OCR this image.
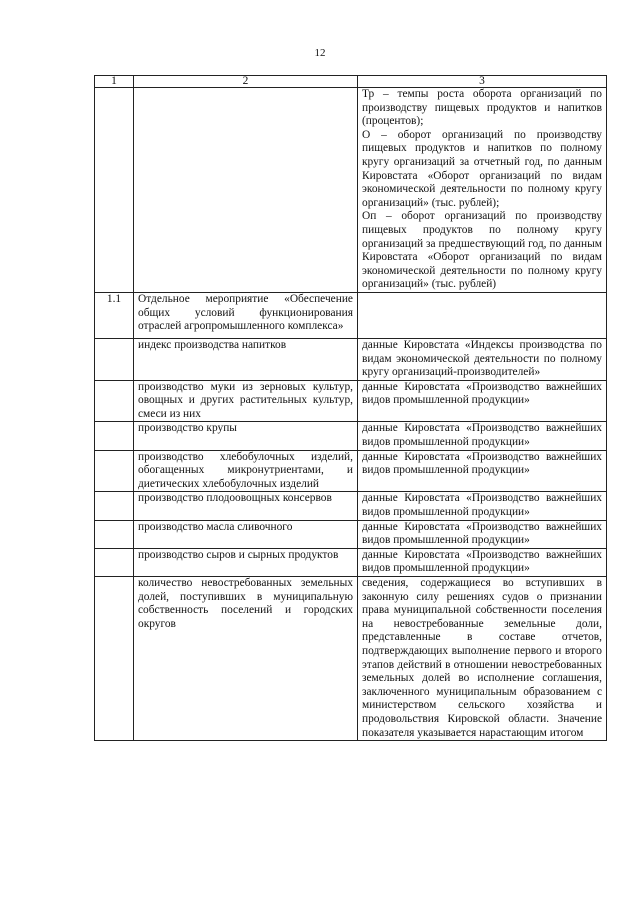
12
1	2	3
		Тр – темпы роста оборота организаций по производству пищевых продуктов и напитков (процентов);
О – оборот организаций по производству пищевых продуктов и напитков по полному кругу организаций за отчетный год, по данным Кировстата «Оборот организаций по видам экономической деятельности по полному кругу организаций» (тыс. рублей);
Оп – оборот организаций по производству пищевых продуктов по полному кругу организаций за предшествующий год, по данным Кировстата «Оборот организаций по видам экономической деятельности по полному кругу организаций» (тыс. рублей)
1.1	Отдельное мероприятие «Обеспечение общих условий функционирования отраслей агропромышленного комплекса»	
	индекс производства напитков	данные Кировстата «Индексы производства по видам экономической деятельности по полному кругу организаций-производителей»
	производство муки из зерновых культур, овощных и других растительных культур, смеси из них	данные Кировстата «Производство важнейших видов промышленной продукции»
	производство крупы	данные Кировстата «Производство важнейших видов промышленной продукции»
	производство хлебобулочных изделий, обогащенных микронутриентами, и диетических хлебобулочных изделий	данные Кировстата «Производство важнейших видов промышленной продукции»
	производство плодоовощных консервов	данные Кировстата «Производство важнейших видов промышленной продукции»
	производство масла сливочного	данные Кировстата «Производство важнейших видов промышленной продукции»
	производство сыров и сырных продуктов	данные Кировстата «Производство важнейших видов промышленной продукции»
	количество невостребованных земельных долей, поступивших в муниципальную собственность поселений и городских округов	сведения, содержащиеся во вступивших в законную силу решениях судов о признании права муниципальной собственности поселения на невостребованные земельные доли, представленные в составе отчетов, подтверждающих выполнение первого и второго этапов действий в отношении невостребованных земельных долей во исполнение соглашения, заключенного муниципальным образованием с министерством сельского хозяйства и продовольствия Кировской области. Значение показателя указывается нарастающим итогом
